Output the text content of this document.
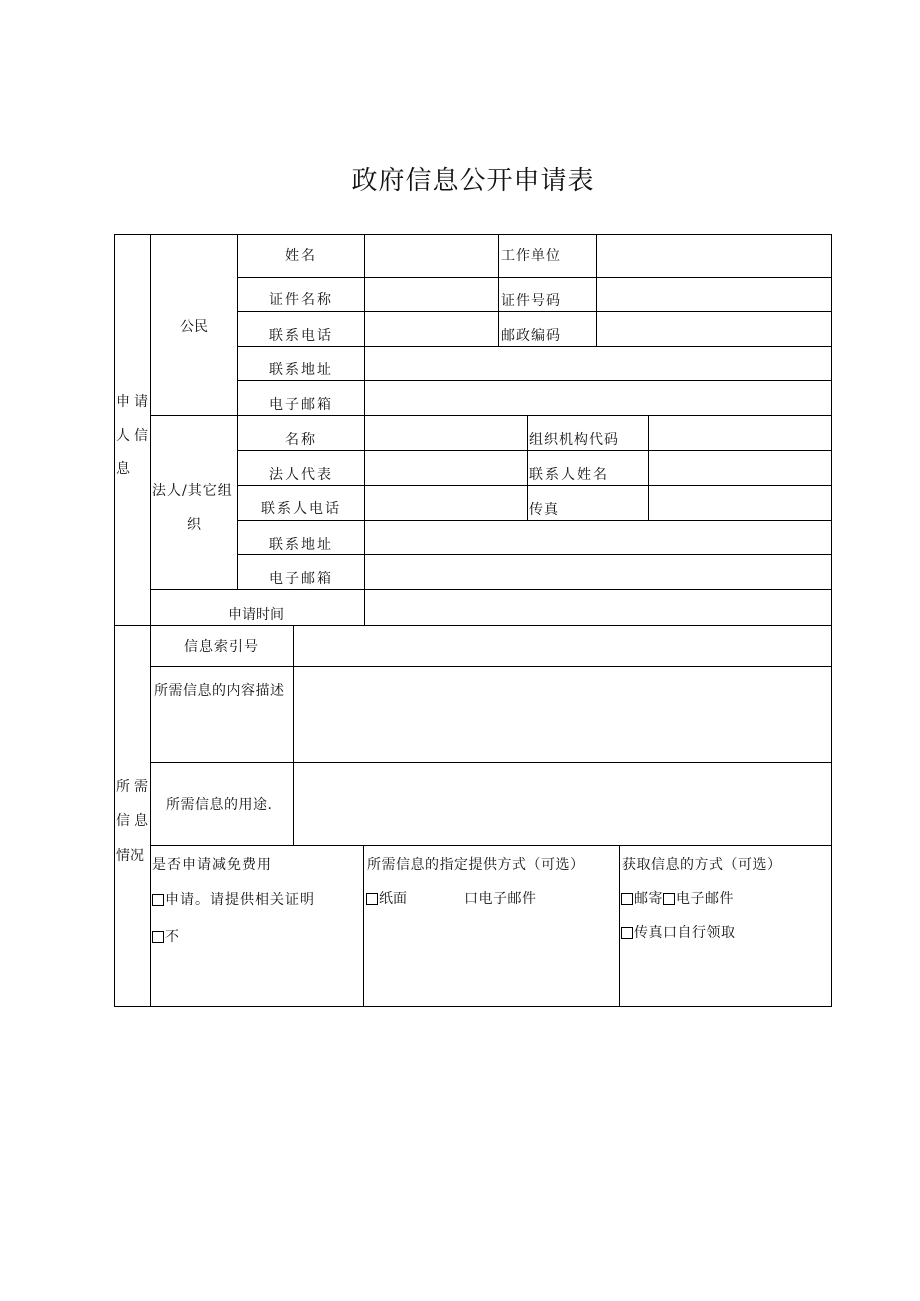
政府信息公开申请表
申 请
人 信
息
公民
姓名	工作单位
证件名称	证件号码
联系电话	邮政编码
联系地址
电子邮箱
法人/其它组
织
名称	组织机构代码
法人代表	联系人姓名
联系人电话	传真
联系地址
电子邮箱
申请时间
所 需
信 息
情况
信息索引号
所需信息的内容描述
所需信息的用途.
是否申请减免费用
申请。请提供相关证明
不
所需信息的指定提供方式（可选）
纸面	口电子邮件
获取信息的方式（可选）
邮寄 电子邮件
传真口自行领取
